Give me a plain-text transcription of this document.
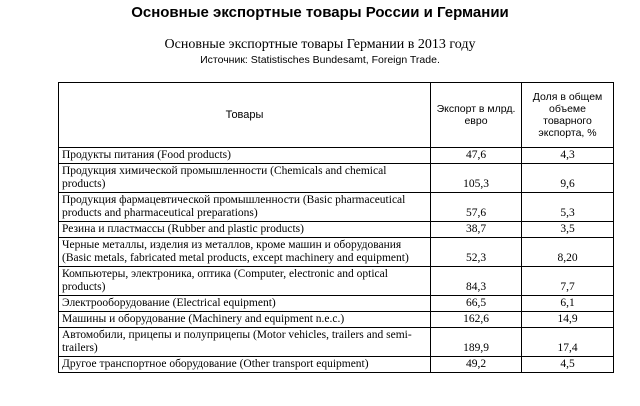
Основные экспортные товары России и Германии
Основные экспортные товары Германии в 2013 году
Источник: Statistisches Bundesamt, Foreign Trade.
Товары	Экспорт в млрд. евро	Доля в общем объеме товарного экспорта, %
Продукты питания (Food products)	47,6	4,3
Продукция химической промышленности (Chemicals and chemical products)	105,3	9,6
Продукция фармацевтической промышленности (Basic pharmaceutical products and pharmaceutical preparations)	57,6	5,3
Резина и пластмассы (Rubber and plastic products)	38,7	3,5
Черные металлы, изделия из металлов, кроме машин и оборудования (Basic metals, fabricated metal products, except machinery and equipment)	52,3	8,20
Компьютеры, электроника, оптика (Computer, electronic and optical products)	84,3	7,7
Электрооборудование (Electrical equipment)	66,5	6,1
Машины и оборудование (Machinery and equipment n.e.c.)	162,6	14,9
Автомобили, прицепы и полуприцепы (Motor vehicles, trailers and semi-trailers)	189,9	17,4
Другое транспортное оборудование (Other transport equipment)	49,2	4,5
